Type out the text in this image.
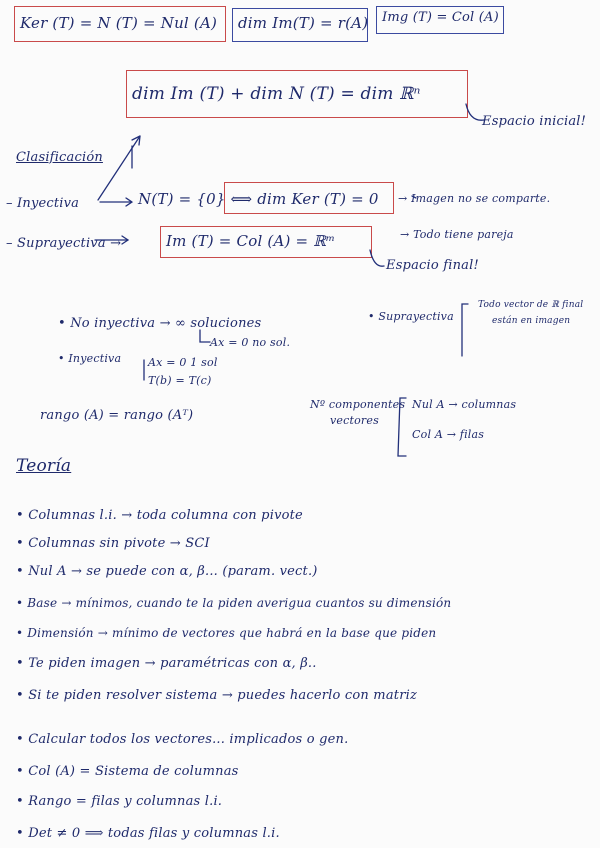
Ker (T) = N (T) = Nul (A) dim Im(T) = r(A) Img (T) = Col (A)
dim Im (T) + dim N (T) = dim ℝⁿ
Espacio inicial!
Clasificación
– Inyectiva	N(T) = {0} ⟺ dim Ker (T) = 0 → Imagen no se comparte.
– Suprayectiva →	Im (T) = Col (A) = ℝᵐ	→ Todo tiene pareja
Espacio final!
• No inyectiva → ∞ soluciones
Ax = 0 no sol.
• Inyectiva Ax = 0 1 sol
T(b) = T(c)
• Suprayectiva
Todo vector de ℝ final
están en imagen
rango (A) = rango (Aᵀ)
Nº componentes
vectores
Nul A → columnas
Col A → filas
Teoría
• Columnas l.i. → toda columna con pivote
• Columnas sin pivote → SCI
• Nul A → se puede con α, β... (param. vect.)
• Base → mínimos, cuando te la piden averigua cuantos su dimensión
• Dimensión → mínimo de vectores que habrá en la base que piden
• Te piden imagen → paramétricas con α, β..
• Si te piden resolver sistema → puedes hacerlo con matriz
• Calcular todos los vectores... implicados o gen.
• Col (A) = Sistema de columnas
• Rango = filas y columnas l.i.
• Det ≠ 0 ⟹ todas filas y columnas l.i.
